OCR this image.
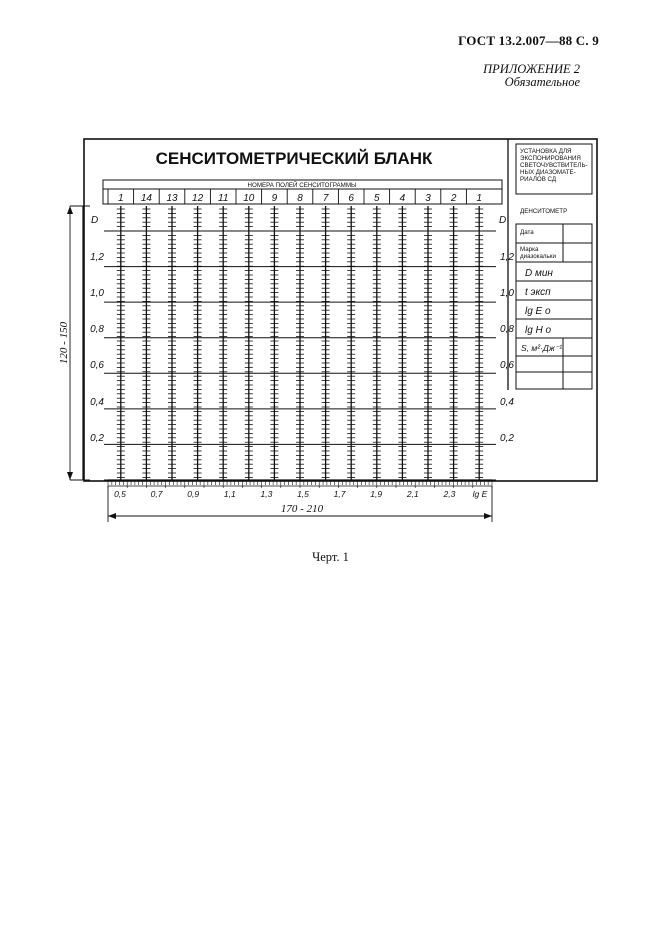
ГОСТ 13.2.007—88 С. 9
ПРИЛОЖЕНИЕ 2
Обязательное
1 14 13 12 11 10 9 8 7 6 5 4 3 2 1
0,5	0,7	0,9	1,1	1,3	1,5	1,7	1,9	2,1	2,3 lg E
D	D
1,2	1,2
1,0	1,0
0,8	0,8
0,6	0,6
0,4	0,4
0,2	0,2
СЕНСИТОМЕТРИЧЕСКИЙ БЛАНК
НОМЕРА ПОЛЕЙ СЕНСИТОГРАММЫ
120 - 150
170 - 210
УСТАНОВКА ДЛЯ
ЭКСПОНИРОВАНИЯ
СВЕТОЧУВСТВИТЕЛЬ-
НЫХ ДИАЗОМАТЕ-
РИАЛОВ СД
ДЕНСИТОМЕТР
Дата
Марка
диазокальки
D мин
t эксп
lg E o
lg H o
S, м²·Дж⁻¹
Черт. 1
